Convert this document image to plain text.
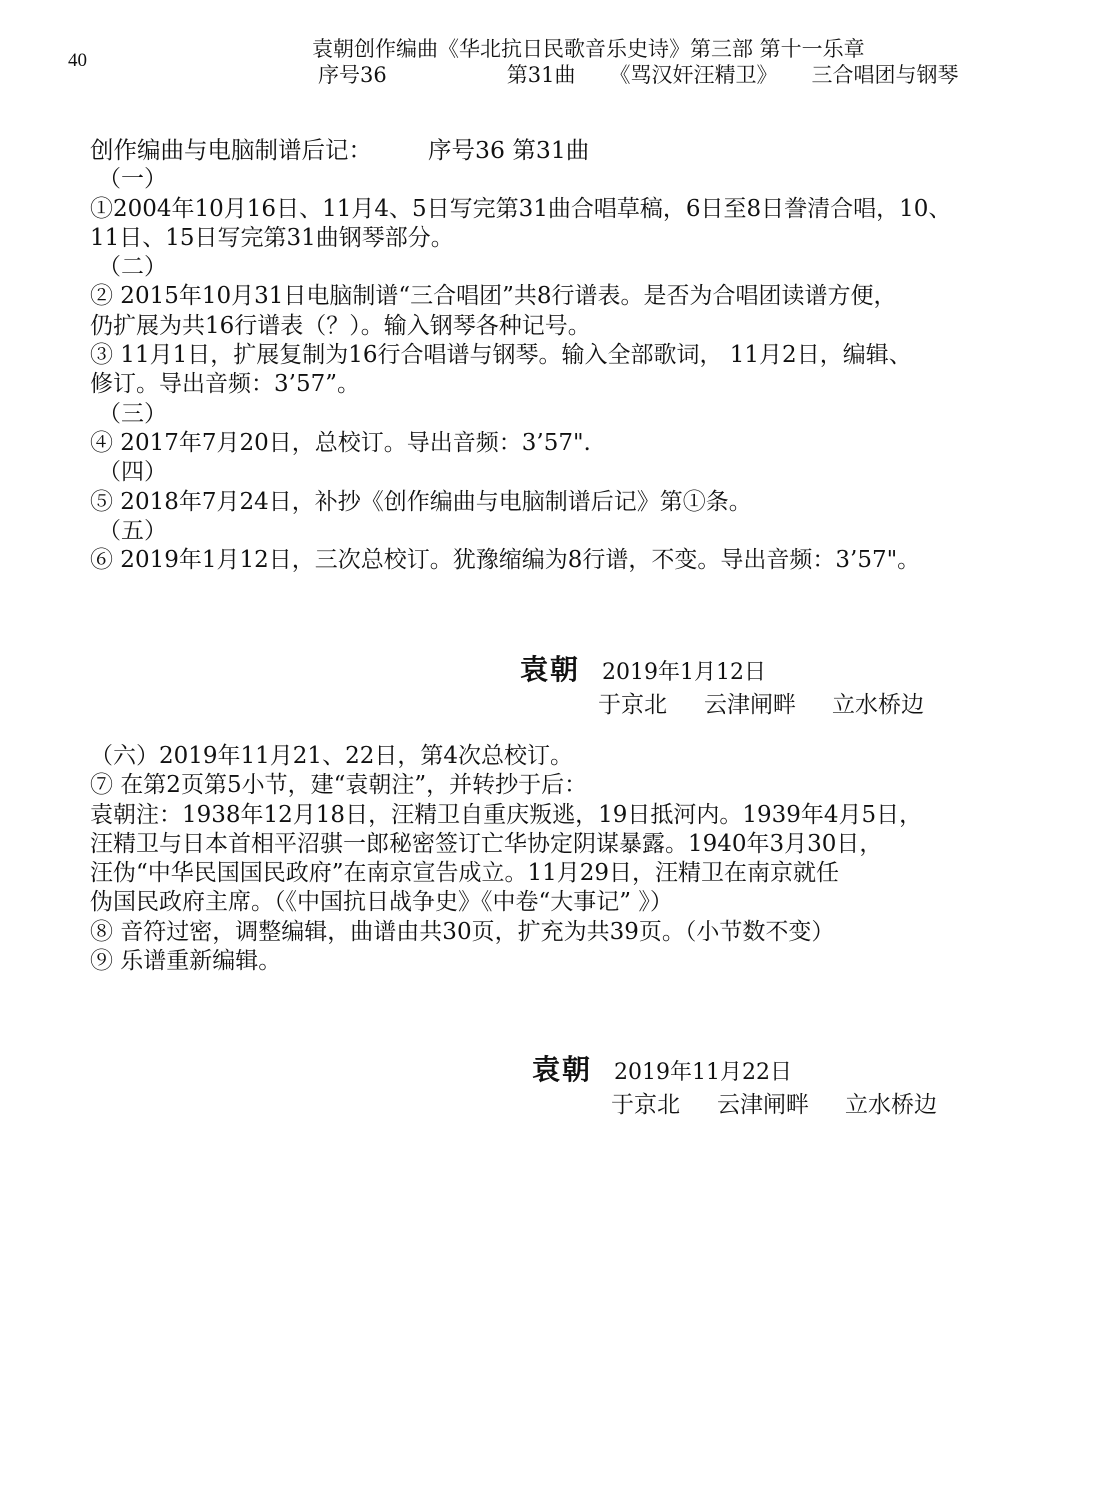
40	袁朝创作编曲《华北抗日民歌音乐史诗》第三部 第十一乐章
序号36	第31曲 《骂汉奸汪精卫》 三合唱团与钢琴
创作编曲与电脑制谱后记： 序号36 第31曲
（一）
①2004年10月16日、11月4、5日写完第31曲合唱草稿，6日至8日誊清合唱，10、
11日、15日写完第31曲钢琴部分。
（二）
② 2015年10月31日电脑制谱“三合唱团”共8行谱表。是否为合唱团读谱方便，
仍扩展为共16行谱表（？）。输入钢琴各种记号。
③ 11月1日，扩展复制为16行合唱谱与钢琴。输入全部歌词， 11月2日，编辑、
修订。导出音频：3’57”。
（三）
④ 2017年7月20日，总校订。导出音频：3’57".
（四）
⑤ 2018年7月24日，补抄《创作编曲与电脑制谱后记》第①条。
（五）
⑥ 2019年1月12日，三次总校订。犹豫缩编为8行谱，不变。导出音频：3’57"。
袁朝 2019年1月12日
于京北 云津闸畔 立水桥边
（六）2019年11月21、22日，第4次总校订。
⑦ 在第2页第5小节，建“袁朝注”，并转抄于后：
袁朝注：1938年12月18日，汪精卫自重庆叛逃，19日抵河内。1939年4月5日，
汪精卫与日本首相平沼骐一郎秘密签订亡华协定阴谋暴露。1940年3月30日，
汪伪“中华民国国民政府”在南京宣告成立。11月29日，汪精卫在南京就任
伪国民政府主席。（《中国抗日战争史》《中卷“大事记” 》）
⑧ 音符过密，调整编辑，曲谱由共30页，扩充为共39页。（小节数不变）
⑨ 乐谱重新编辑。
袁朝 2019年11月22日
于京北 云津闸畔 立水桥边
